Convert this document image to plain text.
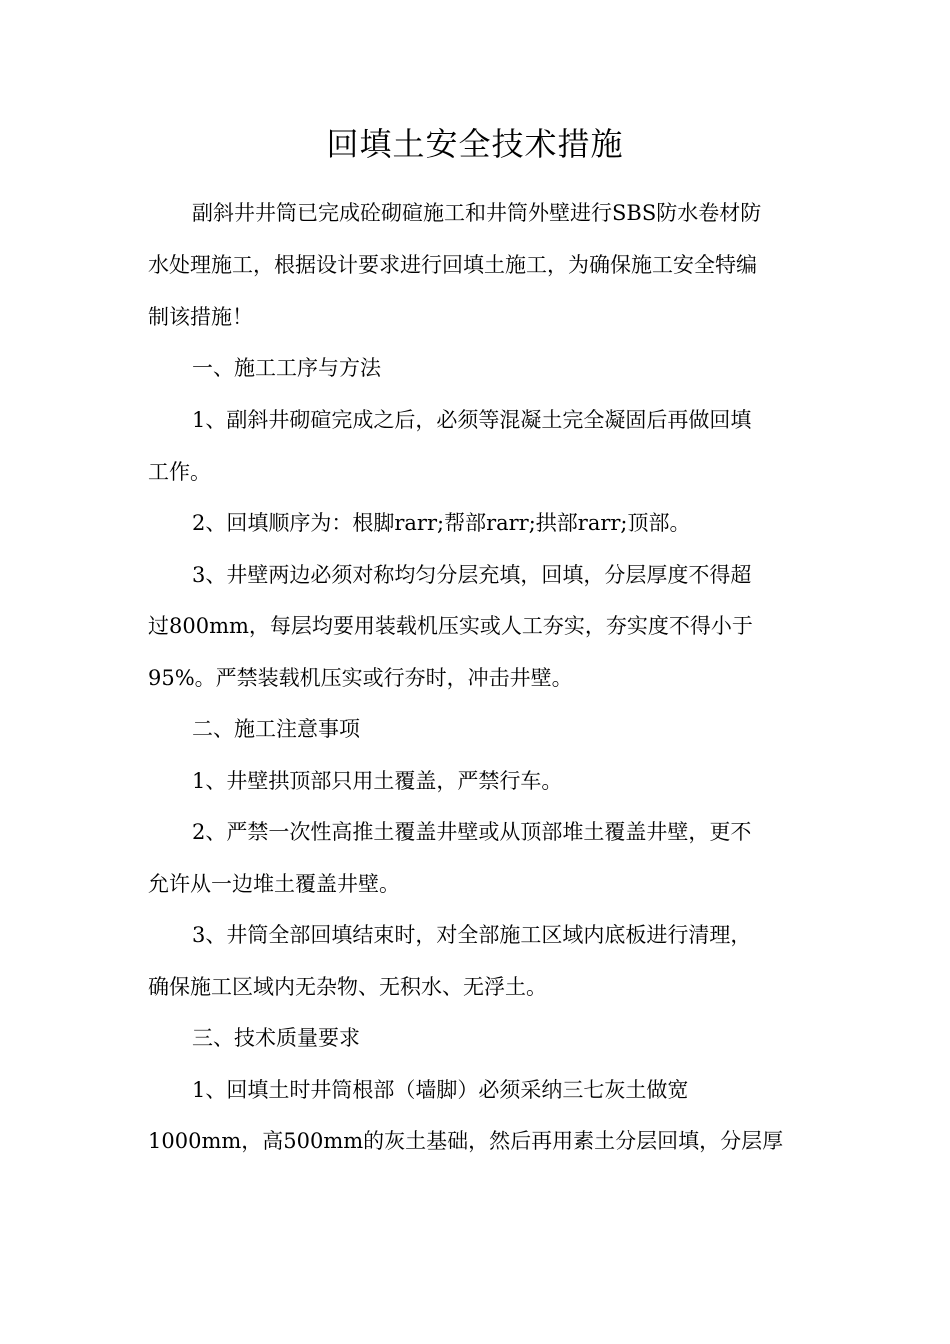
回填土安全技术措施

副斜井井筒已完成砼砌碹施工和井筒外壁进行SBS防水卷材防

水处理施工，根据设计要求进行回填土施工，为确保施工安全特编

制该措施！

一、施工工序与方法

1、副斜井砌碹完成之后，必须等混凝土完全凝固后再做回填

工作。

2、回填顺序为：根脚rarr;帮部rarr;拱部rarr;顶部。

3、井壁两边必须对称均匀分层充填，回填，分层厚度不得超

过800mm，每层均要用装载机压实或人工夯实，夯实度不得小于

95%。严禁装载机压实或行夯时，冲击井壁。

二、施工注意事项

1、井壁拱顶部只用土覆盖，严禁行车。

2、严禁一次性高推土覆盖井壁或从顶部堆土覆盖井壁，更不

允许从一边堆土覆盖井壁。

3、井筒全部回填结束时，对全部施工区域内底板进行清理，

确保施工区域内无杂物、无积水、无浮土。

三、技术质量要求

1、回填土时井筒根部（墙脚）必须采纳三七灰土做宽

1000mm，高500mm的灰土基础，然后再用素土分层回填，分层厚
